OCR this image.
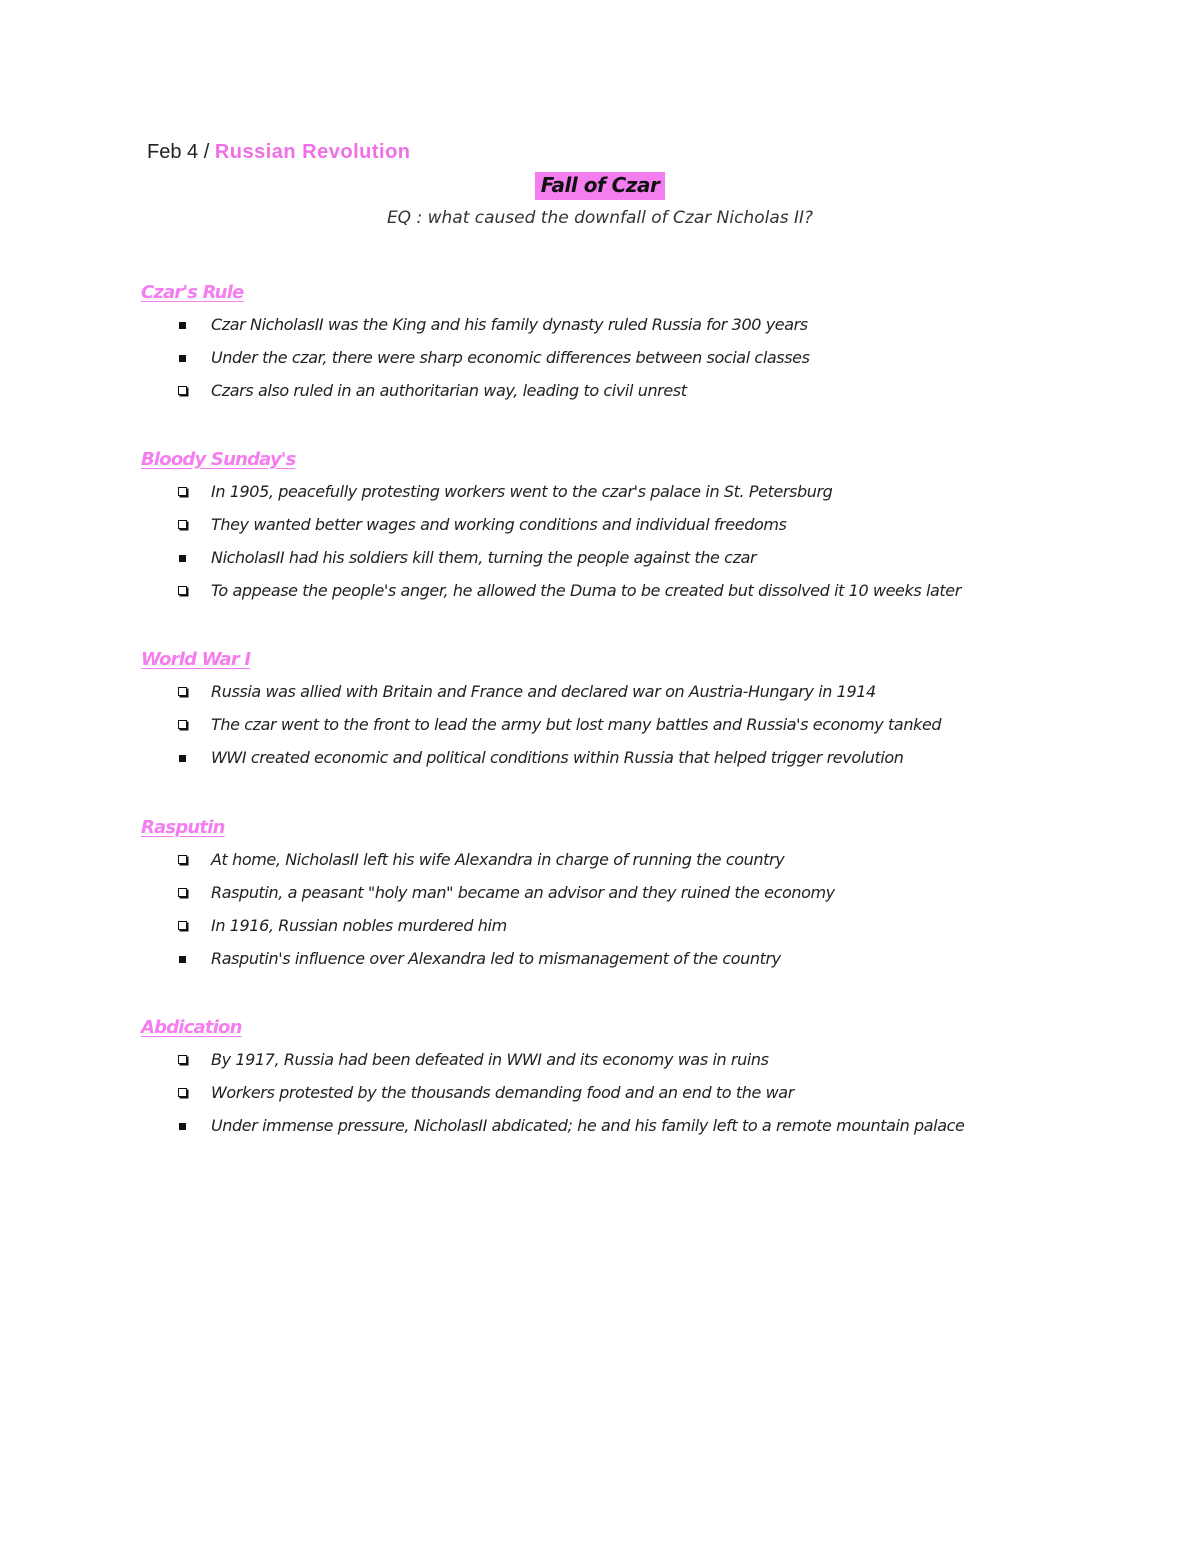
Feb 4 / Russian Revolution
Fall of Czar
EQ : what caused the downfall of Czar Nicholas II?
Czar's Rule
Czar NicholasII was the King and his family dynasty ruled Russia for 300 years
Under the czar, there were sharp economic differences between social classes
Czars also ruled in an authoritarian way, leading to civil unrest
Bloody Sunday's
In 1905, peacefully protesting workers went to the czar's palace in St. Petersburg
They wanted better wages and working conditions and individual freedoms
NicholasII had his soldiers kill them, turning the people against the czar
To appease the people's anger, he allowed the Duma to be created but dissolved it 10 weeks later
World War I
Russia was allied with Britain and France and declared war on Austria-Hungary in 1914
The czar went to the front to lead the army but lost many battles and Russia's economy tanked
WWI created economic and political conditions within Russia that helped trigger revolution
Rasputin
At home, NicholasII left his wife Alexandra in charge of running the country
Rasputin, a peasant "holy man" became an advisor and they ruined the economy
In 1916, Russian nobles murdered him
Rasputin's influence over Alexandra led to mismanagement of the country
Abdication
By 1917, Russia had been defeated in WWI and its economy was in ruins
Workers protested by the thousands demanding food and an end to the war
Under immense pressure, NicholasII abdicated; he and his family left to a remote mountain palace
